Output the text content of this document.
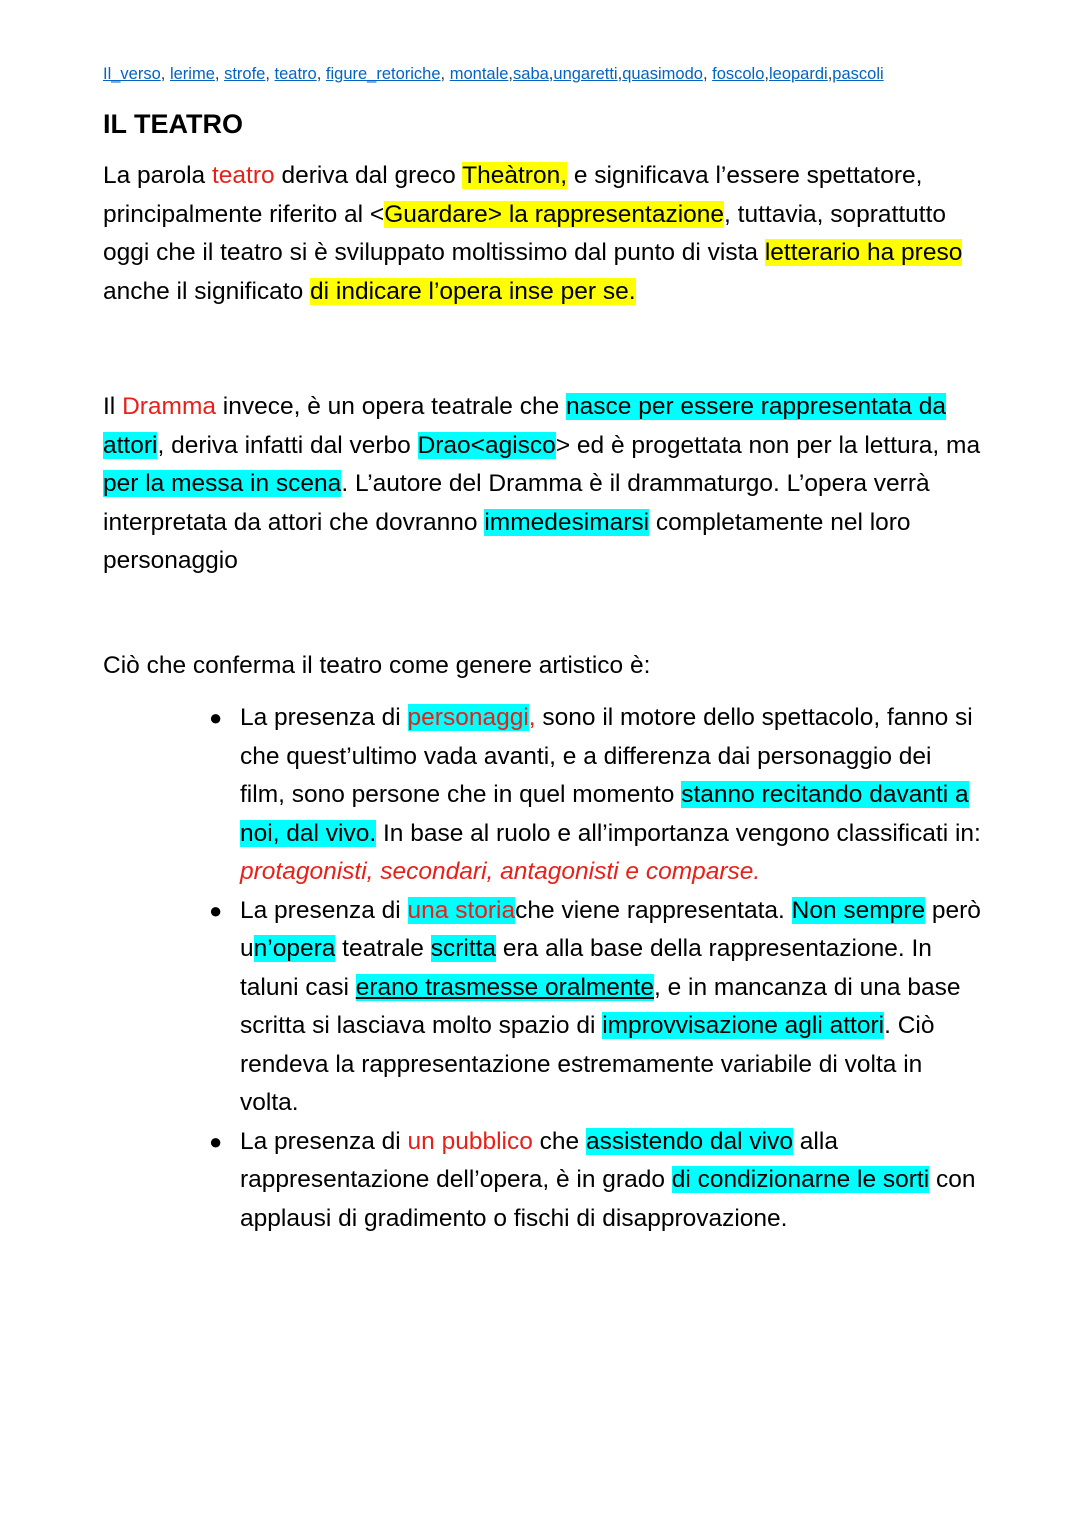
Il_verso, lerime, strofe, teatro, figure_retoriche, montale,saba,ungaretti,quasimodo, foscolo,leopardi,pascoli
IL TEATRO

La parola teatro deriva dal greco Theàtron, e significava l’essere spettatore, principalmente riferito al <Guardare> la rappresentazione, tuttavia, soprattutto oggi che il teatro si è sviluppato moltissimo dal punto di vista letterario ha preso anche il significato di indicare l’opera inse per se.

Il Dramma invece, è un opera teatrale che nasce per essere rappresentata da attori, deriva infatti dal verbo Drao<agisco> ed è progettata non per la lettura, ma per la messa in scena. L’autore del Dramma è il drammaturgo. L’opera verrà interpretata da attori che dovranno immedesimarsi completamente nel loro personaggio

Ciò che conferma il teatro come genere artistico è:

● La presenza di personaggi, sono il motore dello spettacolo, fanno si che quest’ultimo vada avanti, e a differenza dai personaggio dei film, sono persone che in quel momento stanno recitando davanti a noi, dal vivo. In base al ruolo e all’importanza vengono classificati in: protagonisti, secondari, antagonisti e comparse.
● La presenza di una storiache viene rappresentata. Non sempre però un’opera teatrale scritta era alla base della rappresentazione. In taluni casi erano trasmesse oralmente, e in mancanza di una base scritta si lasciava molto spazio di improvvisazione agli attori. Ciò rendeva la rappresentazione estremamente variabile di volta in volta.
● La presenza di un pubblico che assistendo dal vivo alla rappresentazione dell’opera, è in grado di condizionarne le sorti con applausi di gradimento o fischi di disapprovazione.
